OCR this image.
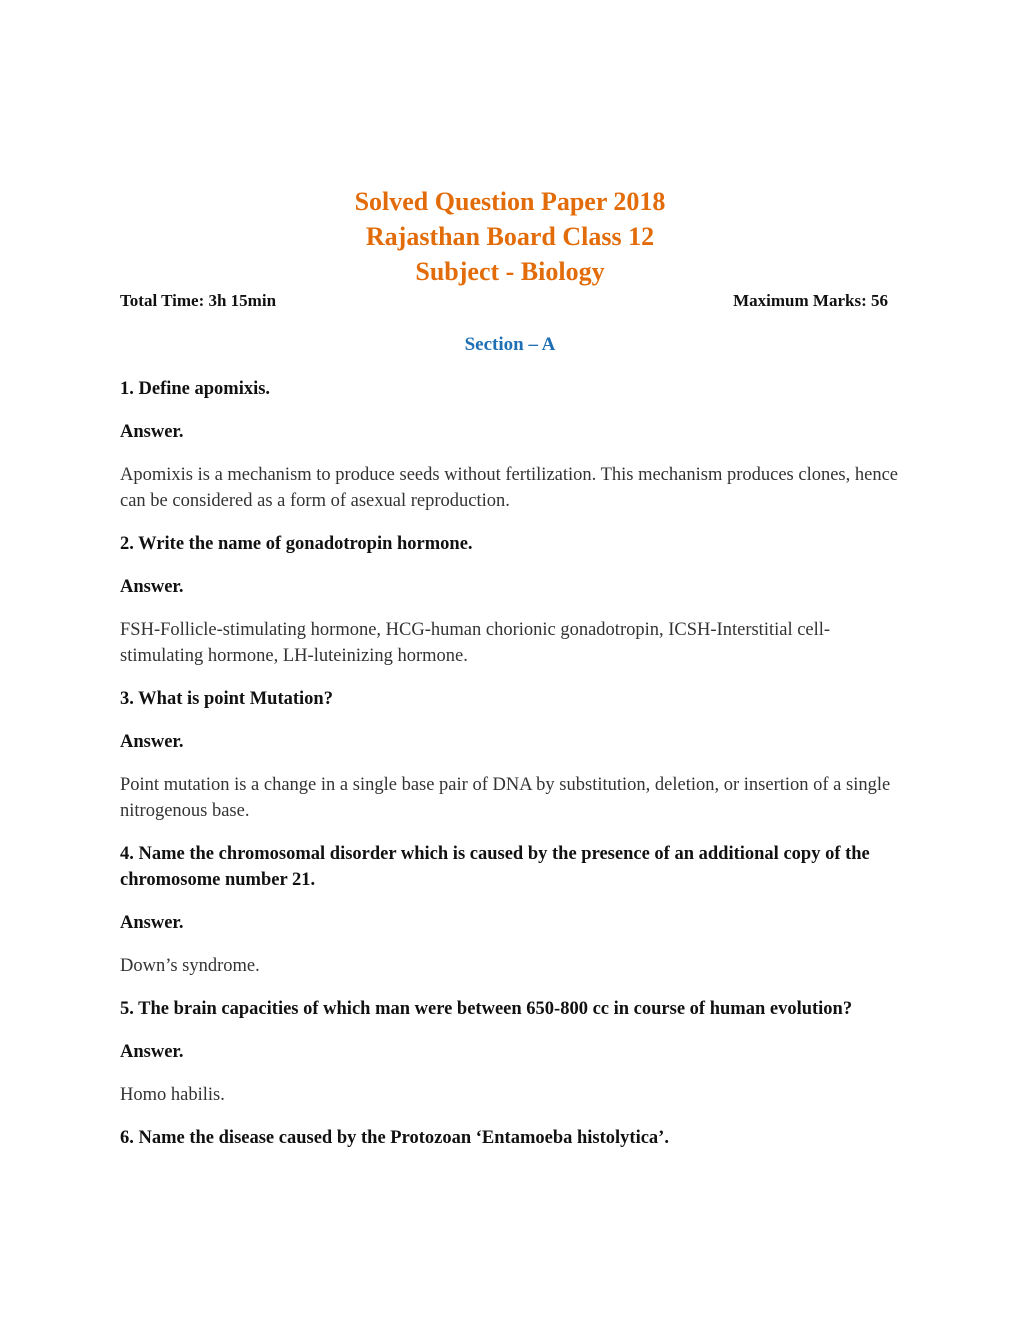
Solved Question Paper 2018
Rajasthan Board Class 12
Subject - Biology
Total Time: 3h 15min	Maximum Marks: 56
Section – A

1. Define apomixis.

Answer.

Apomixis is a mechanism to produce seeds without fertilization. This mechanism produces clones, hence can be considered as a form of asexual reproduction.

2. Write the name of gonadotropin hormone.

Answer.

FSH-Follicle-stimulating hormone, HCG-human chorionic gonadotropin, ICSH-Interstitial cell-stimulating hormone, LH-luteinizing hormone.

3. What is point Mutation?

Answer.

Point mutation is a change in a single base pair of DNA by substitution, deletion, or insertion of a single nitrogenous base.

4. Name the chromosomal disorder which is caused by the presence of an additional copy of the chromosome number 21.

Answer.

Down’s syndrome.

5. The brain capacities of which man were between 650-800 cc in course of human evolution?

Answer.

Homo habilis.

6. Name the disease caused by the Protozoan ‘Entamoeba histolytica’.
